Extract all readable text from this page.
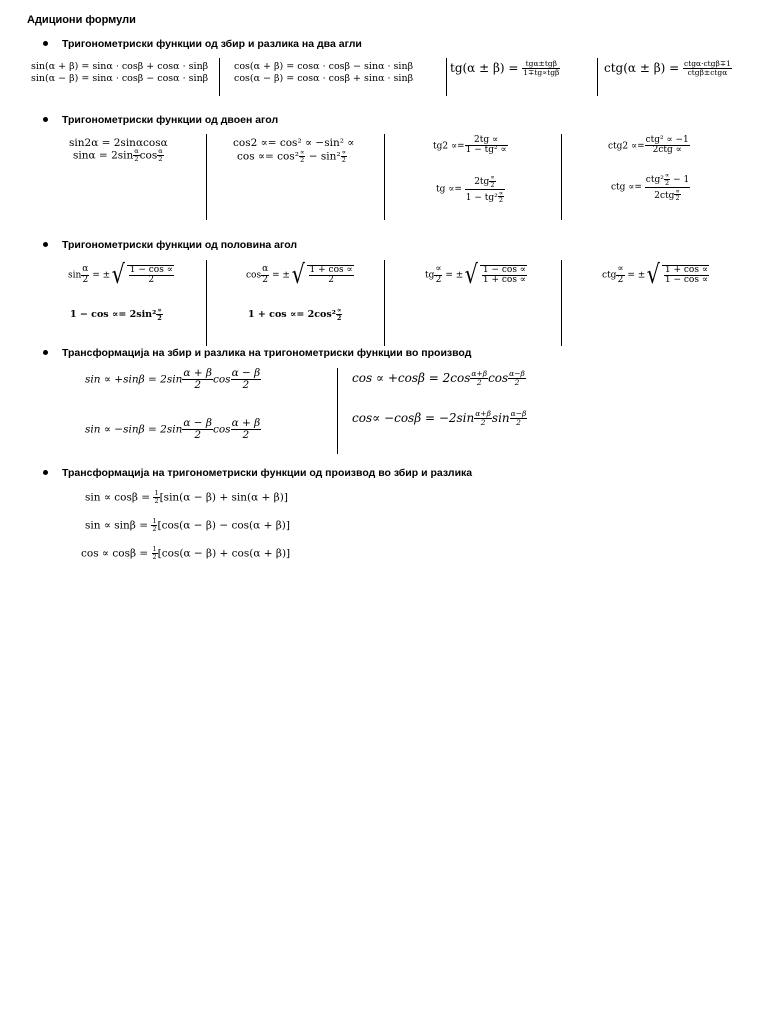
Адициони формули
Тригонометриски функции од збир и разлика на два агли
sin(α + β) = sinα · cosβ + cosα · sinβ
sin(α − β) = sinα · cosβ − cosα · sinβ
cos(α + β) = cosα · cosβ − sinα · sinβ
cos(α − β) = cosα · cosβ + sinα · sinβ
$tg(\alpha \pm \beta) = \frac{\text{tgα±tgβ}}{\text{1∓tg∝tgβ}}$	$ctg(\alpha \pm \beta) = \frac{\text{ctgα·ctgβ∓1}}{\text{ctgβ±ctgα}}$
Тригонометриски функции од двоен агол
sin2α = 2sinαcosα
$\sin\alpha = 2\sin \frac{\alpha}{2}$ $\cos \frac{\alpha}{2}$
cos2 ∝= cos² ∝ −sin² ∝
$\cos \propto= \cos^2 \frac{\propto}{2} - \sin^2 \frac{\propto}{2}$
$tg2 \propto= \frac{2tg \propto}{\text{1 − tg² ∝}}$
tg ∝= $\frac{2tg \frac{\propto}{2}}{1 - tg^2 \frac{\propto}{2}}$
$ctg2 \propto= \frac{\text{ctg² ∝ −1}}{\text{2ctg ∝}}$
ctg ∝= $\frac{ctg^2 \frac{\propto}{2} - 1}{2ctg \frac{\propto}{2}}$
Тригонометриски функции од половина агол
$\sin \frac{\alpha}{2}$ = ±√ $\frac{1 - \cos \propto}{2}$
$1 - \cos \propto= 2\sin^2 \frac{\propto}{2}$
$\cos \frac{\alpha}{2}$ = ±√ $\frac{1 + \cos \propto}{2}$
$1 + \cos \propto= 2\cos^2 \frac{\propto}{2}$
tg $\frac{\propto}{2}$ = ±√ $\frac{1 - \cos \propto}{1 + \cos \propto}$	ctg $\frac{\propto}{2}$ = ±√ $\frac{1 + \cos \propto}{1 - \cos \propto}$
Трансформација на збир и разлика на тригонометриски функции во производ
$\sin \propto +\sin\beta = 2\sin \frac{\alpha + \beta}{2}$ $\cos \frac{\alpha - \beta}{2}$
$\sin \propto -\sin\beta = 2\sin \frac{\alpha - \beta}{2}$ $\cos \frac{\alpha + \beta}{2}$
$\cos \propto +\cos\beta = 2\cos \frac{\alpha+\beta}{2}$ $\cos \frac{\alpha-\beta}{2}$
$\cos\propto -\cos\beta = -2\sin \frac{\alpha+\beta}{2}$ $\sin \frac{\alpha-\beta}{2}$
Трансформација на тригонометриски функции од производ во збир и разлика
$\sin \propto \cos\beta = \frac{1}{2} [\sin(\alpha - \beta) + \sin(\alpha + \beta)]$
$\sin \propto \sin\beta = \frac{1}{2} [\cos(\alpha - \beta) - \cos(\alpha + \beta)]$
$\cos \propto \cos\beta = \frac{1}{2} [\cos(\alpha - \beta) + \cos(\alpha + \beta)]$
